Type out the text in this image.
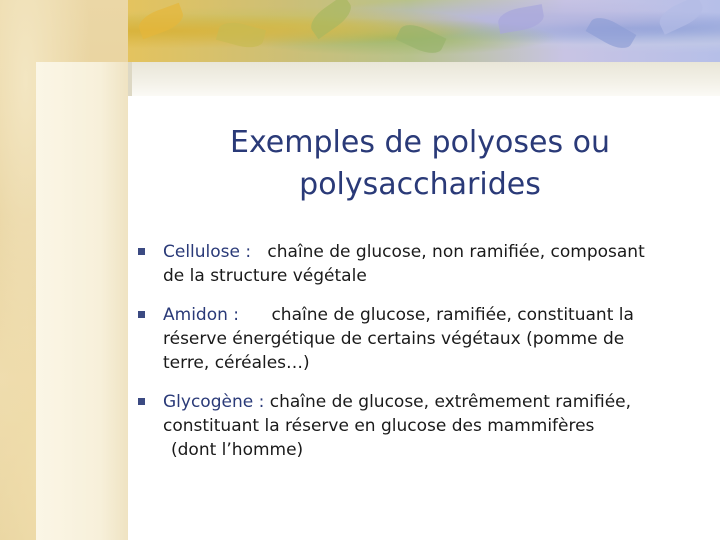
Exemples de polyoses ou
polysaccharides
Cellulose : chaîne de glucose, non ramifiée, composant
de la structure végétale
Amidon : chaîne de glucose, ramifiée, constituant la
réserve énergétique de certains végétaux (pomme de
terre, céréales…)
Glycogène : chaîne de glucose, extrêmement ramifiée,
constituant la réserve en glucose des mammifères
(dont l’homme)
